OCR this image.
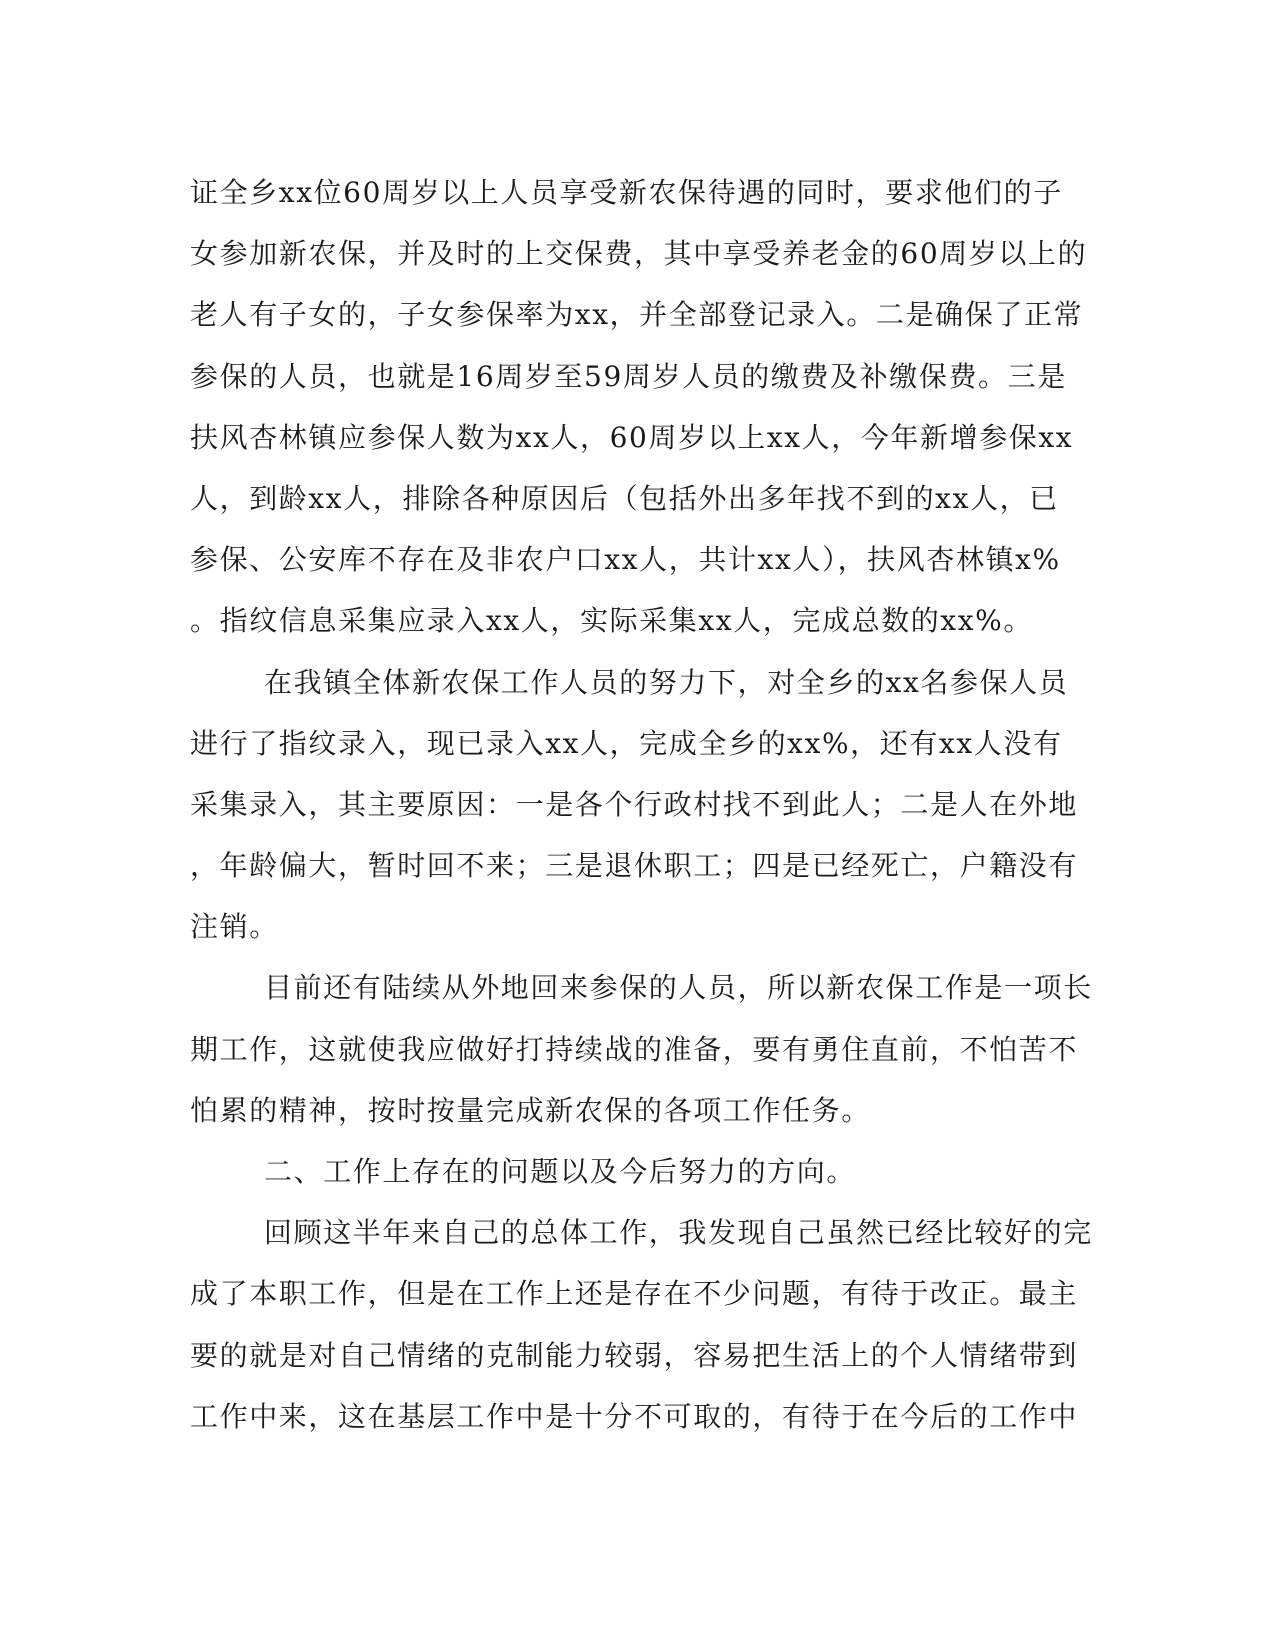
证全乡xx位60周岁以上人员享受新农保待遇的同时，要求他们的子
女参加新农保，并及时的上交保费，其中享受养老金的60周岁以上的
老人有子女的，子女参保率为xx，并全部登记录入。二是确保了正常
参保的人员，也就是16周岁至59周岁人员的缴费及补缴保费。三是
扶风杏林镇应参保人数为xx人，60周岁以上xx人，今年新增参保xx
人，到龄xx人，排除各种原因后（包括外出多年找不到的xx人，已
参保、公安库不存在及非农户口xx人，共计xx人），扶风杏林镇x%
。指纹信息采集应录入xx人，实际采集xx人，完成总数的xx%。
在我镇全体新农保工作人员的努力下，对全乡的xx名参保人员
进行了指纹录入，现已录入xx人，完成全乡的xx%，还有xx人没有
采集录入，其主要原因：一是各个行政村找不到此人；二是人在外地
，年龄偏大，暂时回不来；三是退休职工；四是已经死亡，户籍没有
注销。
目前还有陆续从外地回来参保的人员，所以新农保工作是一项长
期工作，这就使我应做好打持续战的准备，要有勇住直前，不怕苦不
怕累的精神，按时按量完成新农保的各项工作任务。
二、工作上存在的问题以及今后努力的方向。
回顾这半年来自己的总体工作，我发现自己虽然已经比较好的完
成了本职工作，但是在工作上还是存在不少问题，有待于改正。最主
要的就是对自己情绪的克制能力较弱，容易把生活上的个人情绪带到
工作中来，这在基层工作中是十分不可取的，有待于在今后的工作中
